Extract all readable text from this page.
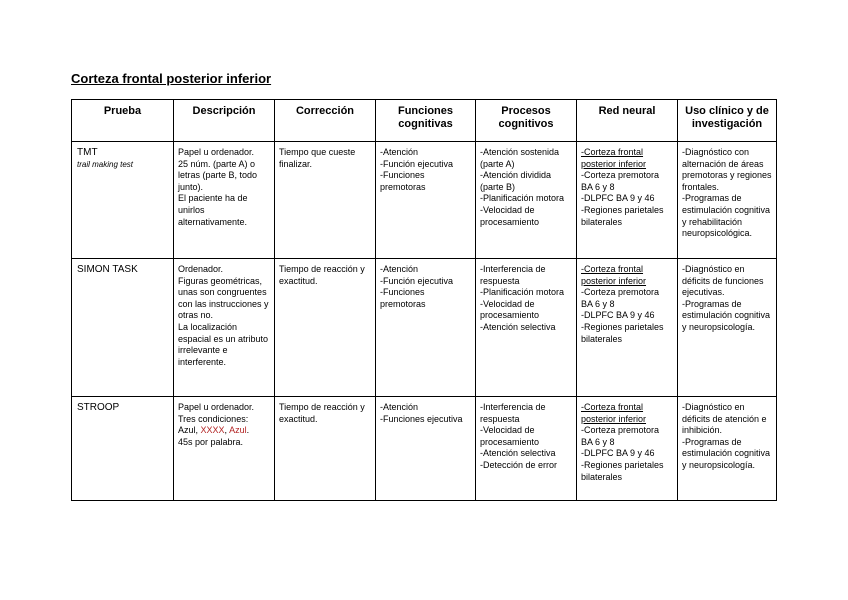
Corteza frontal posterior inferior
Prueba	Descripción	Corrección	Funciones cognitivas	Procesos cognitivos	Red neural	Uso clínico y de investigación

TMT
trail making test	Papel u ordenador.
25 núm. (parte A) o letras (parte B, todo junto).
El paciente ha de unirlos alternativamente.	Tiempo que cueste finalizar.	-Atención
-Función ejecutiva
-Funciones premotoras	-Atención sostenida (parte A)
-Atención dividida (parte B)
-Planificación motora
-Velocidad de procesamiento	-Corteza frontal posterior inferior
-Corteza premotora BA 6 y 8
-DLPFC BA 9 y 46
-Regiones parietales bilaterales	-Diagnóstico con alternación de áreas premotoras y regiones frontales.
-Programas de estimulación cognitiva y rehabilitación neuropsicológica.

SIMON TASK	Ordenador.
Figuras geométricas, unas son congruentes con las instrucciones y otras no.
La localización espacial es un atributo irrelevante e interferente.	Tiempo de reacción y exactitud.	-Atención
-Función ejecutiva
-Funciones premotoras	-Interferencia de respuesta
-Planificación motora
-Velocidad de procesamiento
-Atención selectiva	-Corteza frontal posterior inferior
-Corteza premotora BA 6 y 8
-DLPFC BA 9 y 46
-Regiones parietales bilaterales	-Diagnóstico en déficits de funciones ejecutivas.
-Programas de estimulación cognitiva y neuropsicología.

STROOP	Papel u ordenador.
Tres condiciones:
Azul, XXXX, Azul.
45s por palabra.	Tiempo de reacción y exactitud.	-Atención
-Funciones ejecutiva	-Interferencia de respuesta
-Velocidad de procesamiento
-Atención selectiva
-Detección de error	-Corteza frontal posterior inferior
-Corteza premotora BA 6 y 8
-DLPFC BA 9 y 46
-Regiones parietales bilaterales	-Diagnóstico en déficits de atención e inhibición.
-Programas de estimulación cognitiva y neuropsicología.
